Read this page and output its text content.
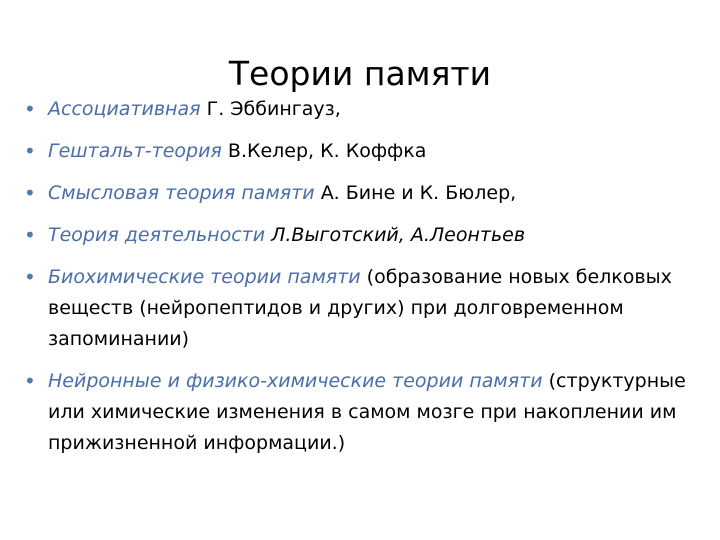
Теории памяти
• Ассоциативная Г. Эббингауз,
• Гештальт-теория В.Келер, К. Коффка
• Смысловая теория памяти А. Бине и К. Бюлер,
• Теория деятельности Л.Выготский, А.Леонтьев
• Биохимические теории памяти (образование новых белковых веществ (нейропептидов и других) при долговременном запоминании)
• Нейронные и физико-химические теории памяти (структурные или химические изменения в самом мозге при накоплении им прижизненной информации.)
